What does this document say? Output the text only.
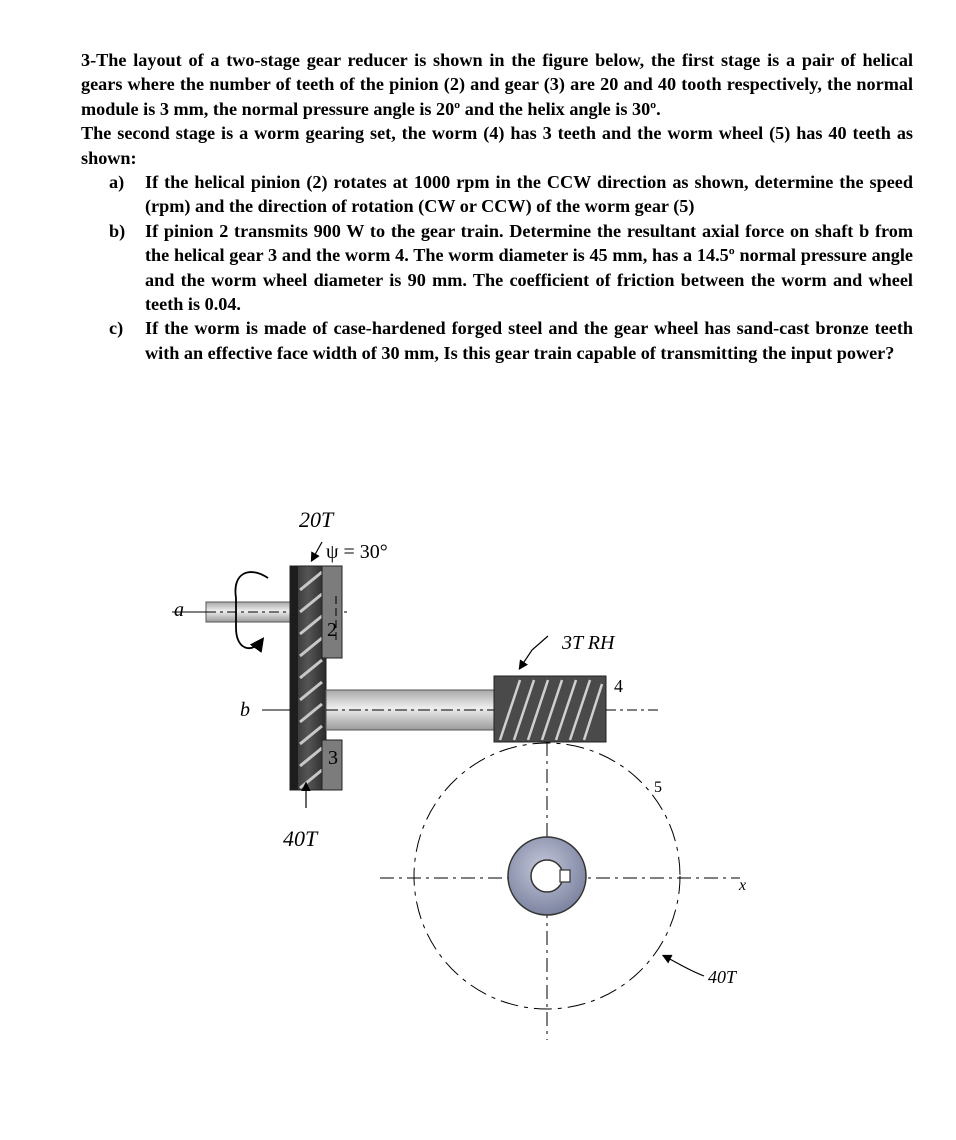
3-The layout of a two-stage gear reducer is shown in the figure below, the first stage is a pair of helical gears where the number of teeth of the pinion (2) and gear (3) are 20 and 40 tooth respectively, the normal module is 3 mm, the normal pressure angle is 20º and the helix angle is 30º.

The second stage is a worm gearing set, the worm (4) has 3 teeth and the worm wheel (5) has 40 teeth as shown:

a) If the helical pinion (2) rotates at 1000 rpm in the CCW direction as shown, determine the speed (rpm) and the direction of rotation (CW or CCW) of the worm gear (5)
b) If pinion 2 transmits 900 W to the gear train. Determine the resultant axial force on shaft b from the helical gear 3 and the worm 4. The worm diameter is 45 mm, has a 14.5º normal pressure angle and the worm wheel diameter is 90 mm. The coefficient of friction between the worm and wheel teeth is 0.04.
c) If the worm is made of case-hardened forged steel and the gear wheel has sand-cast bronze teeth with an effective face width of 30 mm, Is this gear train capable of transmitting the input power?
a
b
20T
ψ = 30°
2
3
40T
3T RH
4
5
x
40T
